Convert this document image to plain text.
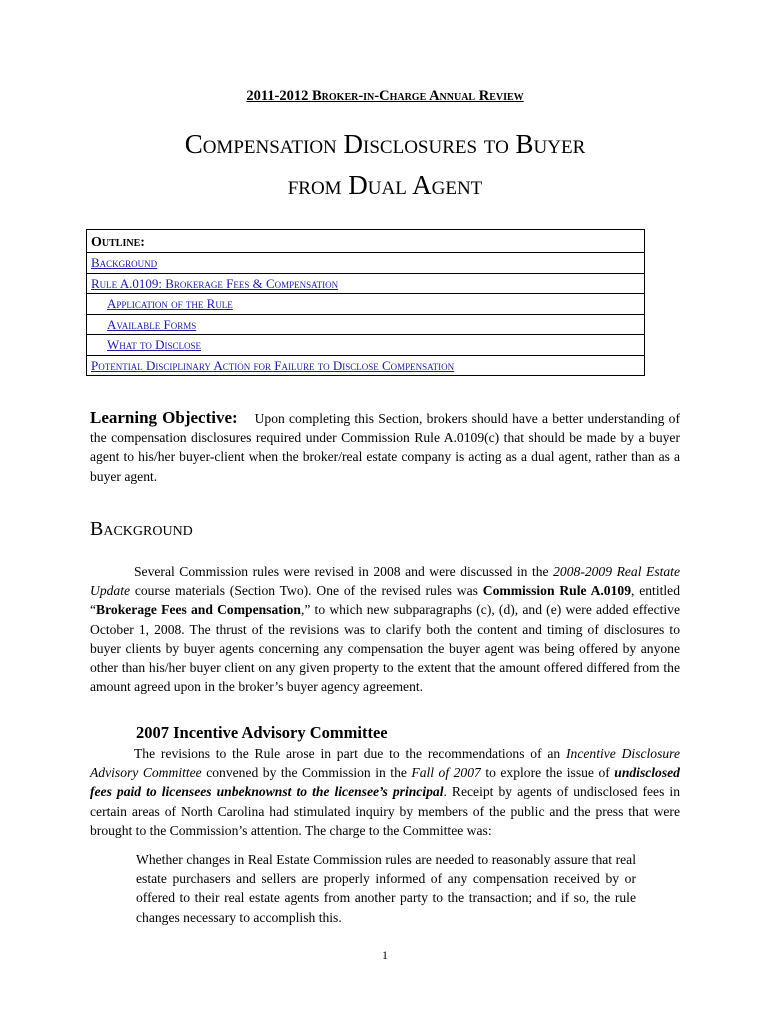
2011-2012 Broker-in-Charge Annual Review
Compensation Disclosures to Buyer
from Dual Agent
Outline:
Background
Rule A.0109: Brokerage Fees & Compensation
Application of the Rule
Available Forms
What to Disclose
Potential Disciplinary Action for Failure to Disclose Compensation
Learning Objective: Upon completing this Section, brokers should have a better understanding of the compensation disclosures required under Commission Rule A.0109(c) that should be made by a buyer agent to his/her buyer-client when the broker/real estate company is acting as a dual agent, rather than as a buyer agent.
Background
Several Commission rules were revised in 2008 and were discussed in the 2008-2009 Real Estate Update course materials (Section Two). One of the revised rules was Commission Rule A.0109, entitled “Brokerage Fees and Compensation,” to which new subparagraphs (c), (d), and (e) were added effective October 1, 2008. The thrust of the revisions was to clarify both the content and timing of disclosures to buyer clients by buyer agents concerning any compensation the buyer agent was being offered by anyone other than his/her buyer client on any given property to the extent that the amount offered differed from the amount agreed upon in the broker’s buyer agency agreement.
2007 Incentive Advisory Committee
The revisions to the Rule arose in part due to the recommendations of an Incentive Disclosure Advisory Committee convened by the Commission in the Fall of 2007 to explore the issue of undisclosed fees paid to licensees unbeknownst to the licensee’s principal. Receipt by agents of undisclosed fees in certain areas of North Carolina had stimulated inquiry by members of the public and the press that were brought to the Commission’s attention. The charge to the Committee was:
Whether changes in Real Estate Commission rules are needed to reasonably assure that real estate purchasers and sellers are properly informed of any compensation received by or offered to their real estate agents from another party to the transaction; and if so, the rule changes necessary to accomplish this.
1
